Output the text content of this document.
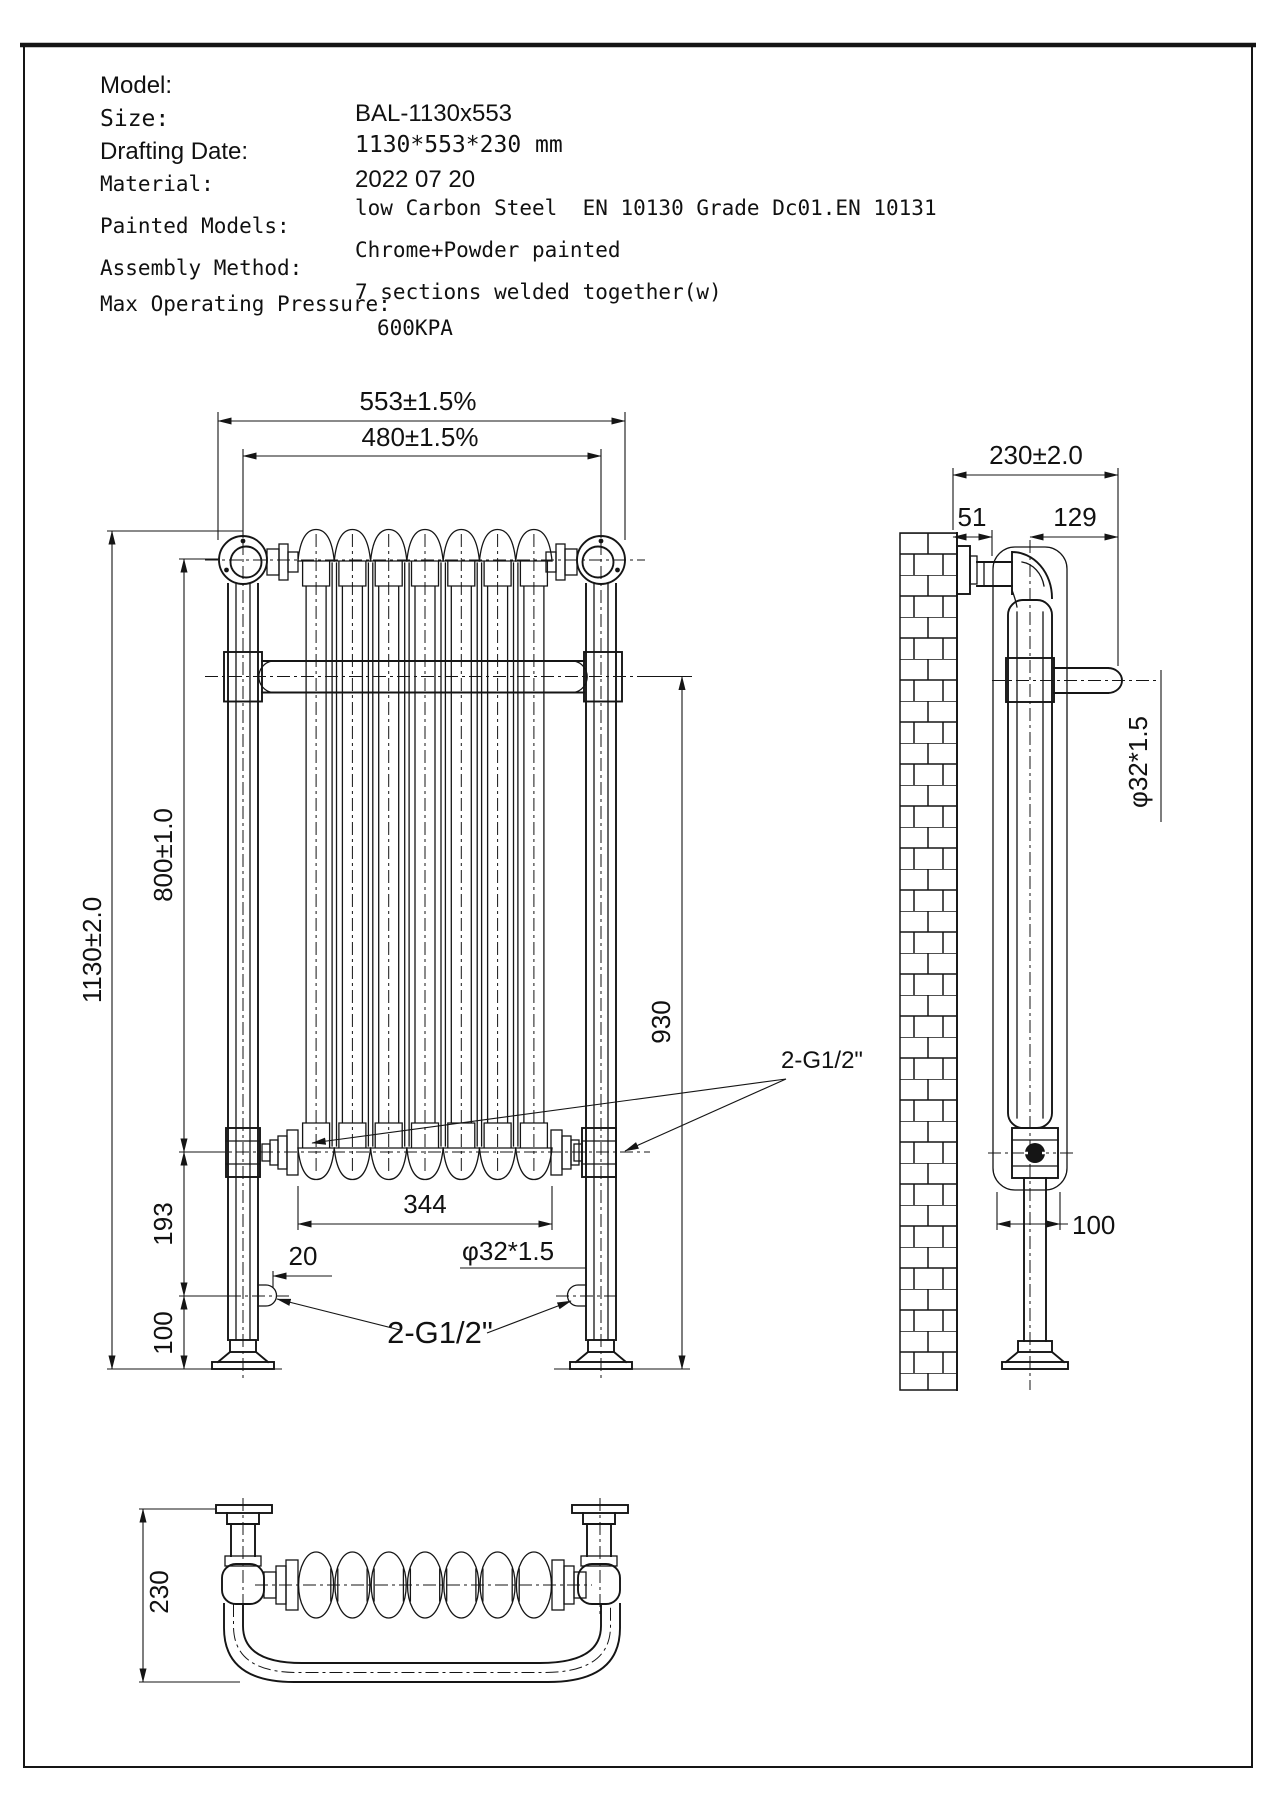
Model:

BAL-1130x553

Size:

1130*553*230 mm

Drafting Date:

2022 07 20

Material:

low Carbon Steel  EN 10130 Grade Dc01.EN 10131

Painted Models:

Chrome+Powder painted

Assembly Method:

7 sections welded together(w)

Max Operating Pressure:

600KPA

553±1.5%
480±1.5%
1130±2.0
800±1.0
193
100
930
344
20	φ32*1.5
2-G1/2"
2-G1/2"
230±2.0
51	129
φ32*1.5
100
230
